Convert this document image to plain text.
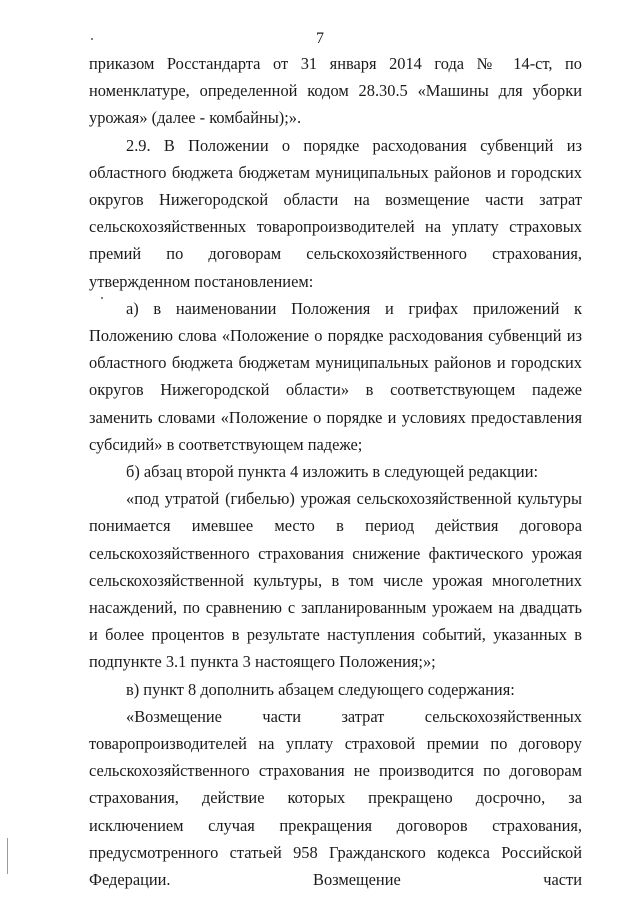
7

приказом Росстандарта от 31 января 2014 года № 14-ст, по номенклатуре, определенной кодом 28.30.5 «Машины для уборки урожая» (далее - комбайны);».

2.9. В Положении о порядке расходования субвенций из областного бюджета бюджетам муниципальных районов и городских округов Нижегородской области на возмещение части затрат сельскохозяйственных товаропроизводителей на уплату страховых премий по договорам сельскохозяйственного страхования, утвержденном постановлением:

а) в наименовании Положения и грифах приложений к Положению слова «Положение о порядке расходования субвенций из областного бюджета бюджетам муниципальных районов и городских округов Нижегородской области» в соответствующем падеже заменить словами «Положение о порядке и условиях предоставления субсидий» в соответствующем падеже;

б) абзац второй пункта 4 изложить в следующей редакции:

«под утратой (гибелью) урожая сельскохозяйственной культуры понимается имевшее место в период действия договора сельскохозяйственного страхования снижение фактического урожая сельскохозяйственной культуры, в том числе урожая многолетних насаждений, по сравнению с запланированным урожаем на двадцать и более процентов в результате наступления событий, указанных в подпункте 3.1 пункта 3 настоящего Положения;»;

в) пункт 8 дополнить абзацем следующего содержания:

«Возмещение части затрат сельскохозяйственных товаропроизводителей на уплату страховой премии по договору сельскохозяйственного страхования не производится по договорам страхования, действие которых прекращено досрочно, за исключением случая прекращения договоров страхования, предусмотренного статьей 958 Гражданского кодекса Российской Федерации. Возмещение части
